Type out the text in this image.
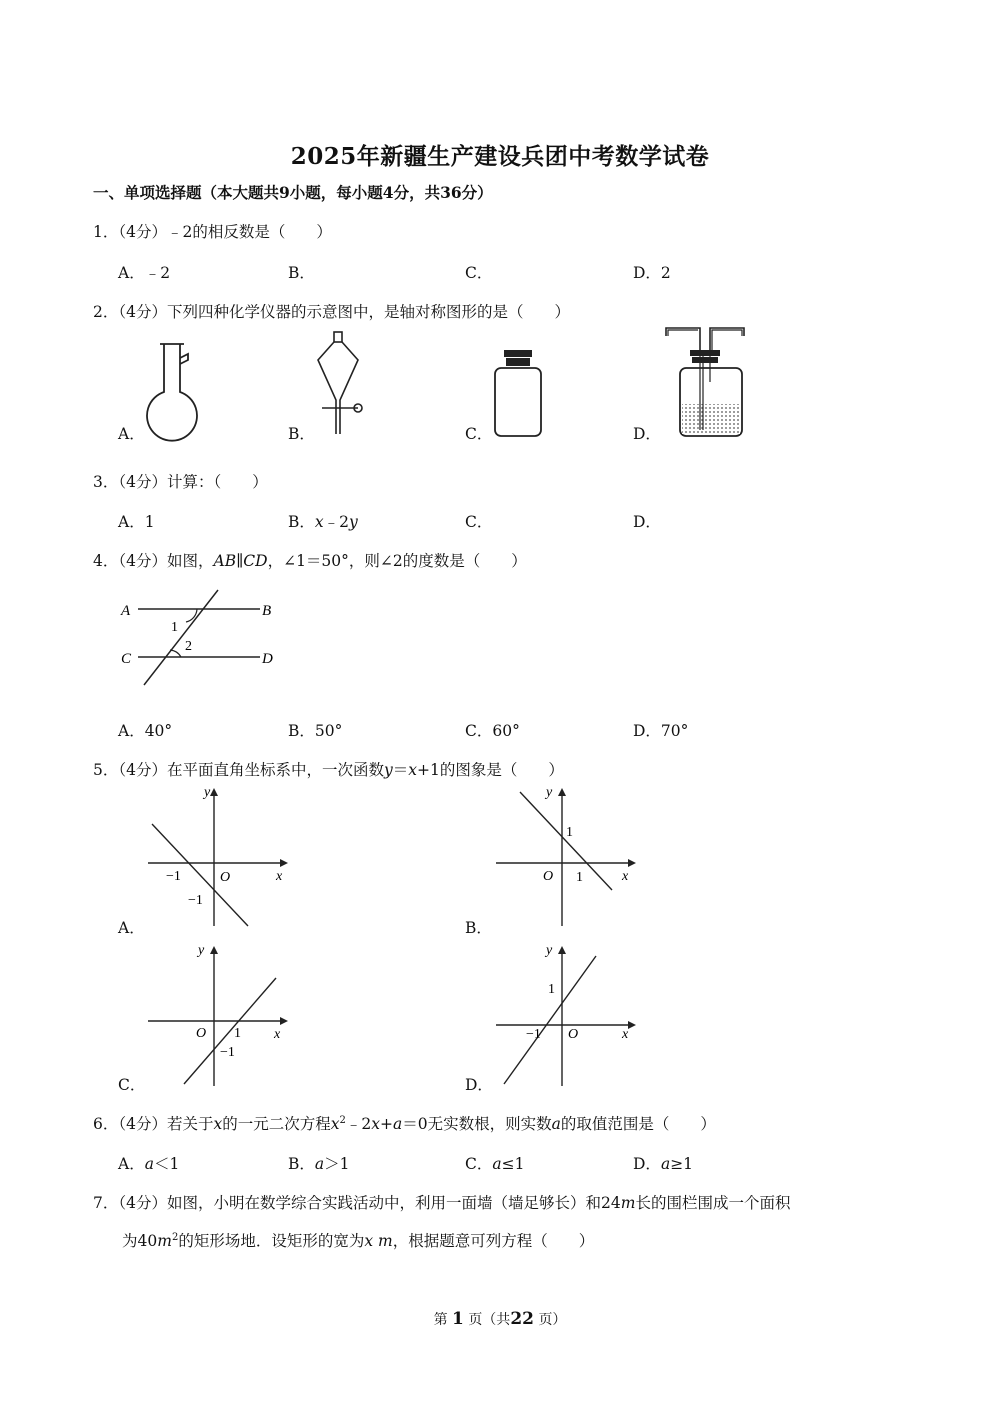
2025年新疆生产建设兵团中考数学试卷
一、单项选择题（本大题共9小题，每小题4分，共36分）
1．（4分）﹣2的相反数是（　　）
A．﹣2	B．	C．	D．2
2．（4分）下列四种化学仪器的示意图中，是轴对称图形的是（　　）
A．	B．	C．	D．
3．（4分）计算：（　　）
A．1	B．x﹣2y	C．	D．
4．（4分）如图，AB∥CD，∠1＝50°，则∠2的度数是（　　）
A	B
C	D
1
2
A．40°	B．50°	C．60°	D．70°
5．（4分）在平面直角坐标系中，一次函数y＝x+1的图象是（　　）
y
x
O
−1
−1
A．
y
x
O
1
1
B．
y
x
O 1
−1
C．
y
x
O
1
−1
D．
6．（4分）若关于x的一元二次方程$x^2﹣2x+a=0$无实数根，则实数a的取值范围是（　　）
A．a＜1	B．a＞1	C．a≤1	D．a≥1
7．（4分）如图，小明在数学综合实践活动中，利用一面墙（墙足够长）和24m长的围栏围成一个面积
为$40m^2$的矩形场地．设矩形的宽为x m，根据题意可列方程（　　）
第 1 页（共22 页）
